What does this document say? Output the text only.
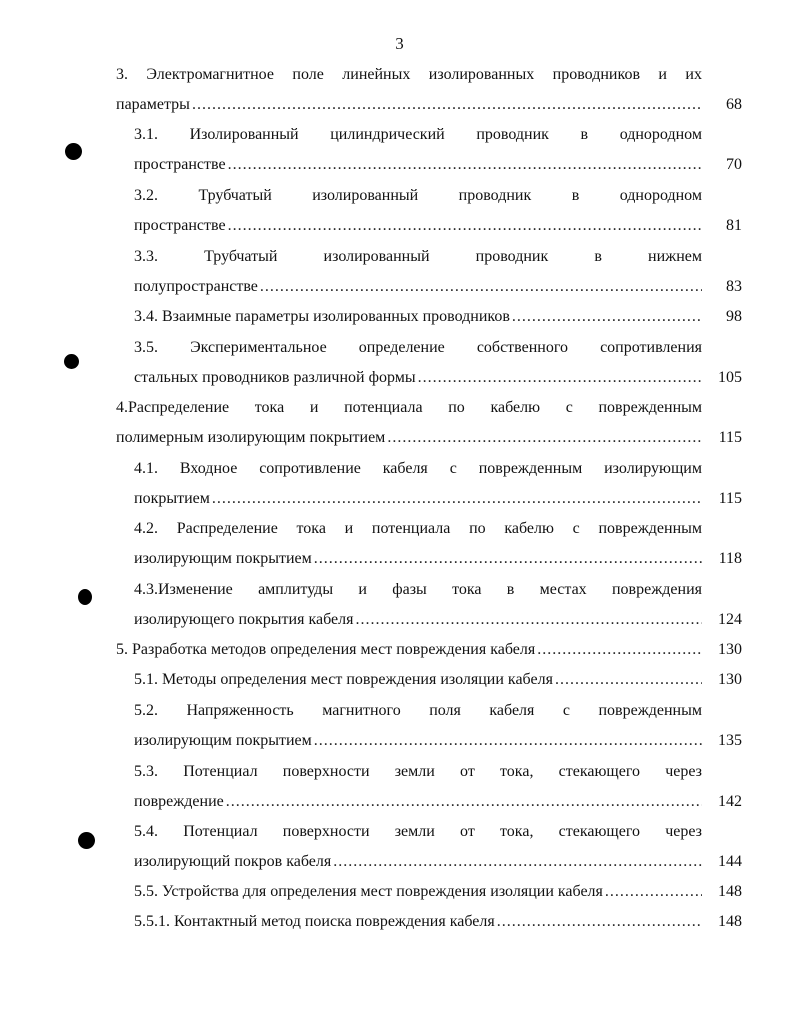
3
3. Электромагнитное поле линейных изолированных проводников и их
параметры .....	68
3.1. Изолированный цилиндрический проводник в однородном
пространстве .....	70
3.2. Трубчатый изолированный проводник в однородном
пространстве .....	81
3.3. Трубчатый изолированный проводник в нижнем
полупространстве .....	83
3.4. Взаимные параметры изолированных проводников .....	98
3.5. Экспериментальное определение собственного сопротивления
стальных проводников различной формы .....	105
4.Распределение тока и потенциала по кабелю с поврежденным
полимерным изолирующим покрытием .....	115
4.1. Входное сопротивление кабеля с поврежденным изолирующим
покрытием .....	115
4.2. Распределение тока и потенциала по кабелю с поврежденным
изолирующим покрытием .....	118
4.3.Изменение амплитуды и фазы тока в местах повреждения
изолирующего покрытия кабеля .....	124
5. Разработка методов определения мест повреждения кабеля .....	130
5.1. Методы определения мест повреждения изоляции кабеля .....	130
5.2. Напряженность магнитного поля кабеля с поврежденным
изолирующим покрытием .....	135
5.3. Потенциал поверхности земли от тока, стекающего через
повреждение .....	142
5.4. Потенциал поверхности земли от тока, стекающего через
изолирующий покров кабеля .....	144
5.5. Устройства для определения мест повреждения изоляции кабеля .....	148
5.5.1. Контактный метод поиска повреждения кабеля .....	148
